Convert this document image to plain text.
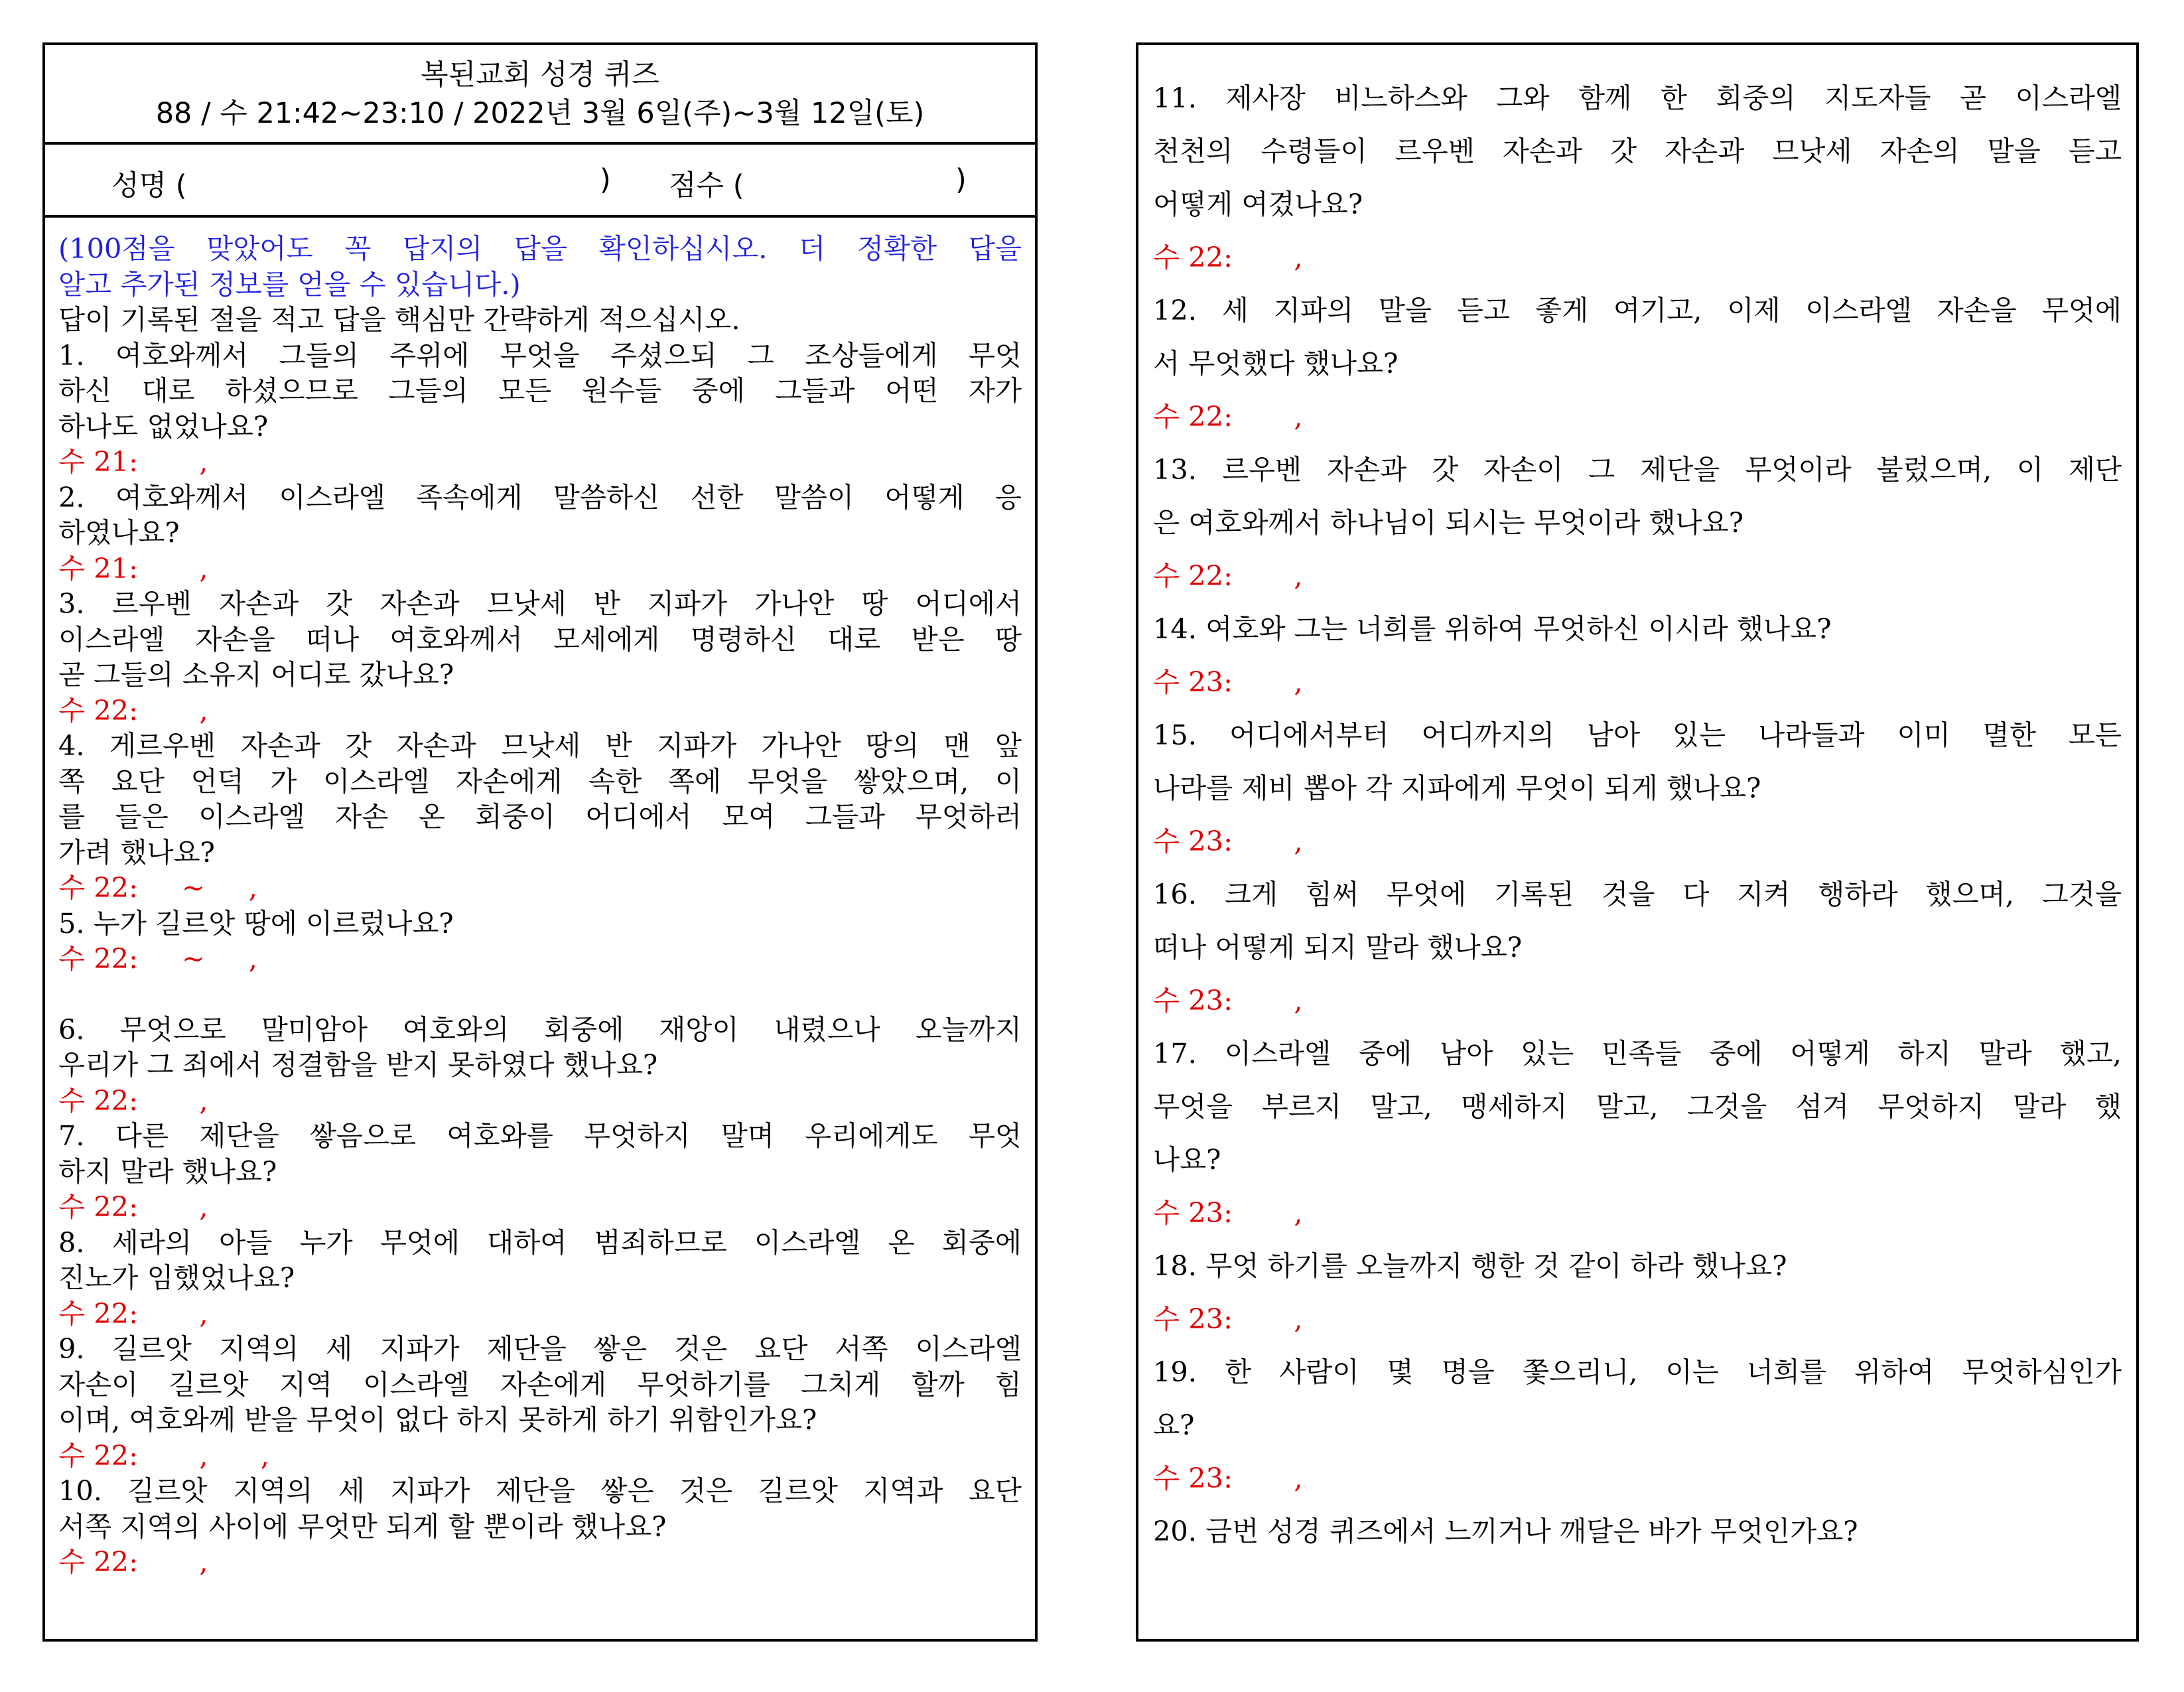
복된교회 성경 퀴즈
88 / 수 21:42~23:10 / 2022년 3월 6일(주)~3월 12일(토)
성명 (	) 점수 (	)
(100점을 맞았어도 꼭 답지의 답을 확인하십시오. 더 정확한 답을
알고 추가된 정보를 얻을 수 있습니다.)
답이 기록된 절을 적고 답을 핵심만 간략하게 적으십시오.
1. 여호와께서 그들의 주위에 무엇을 주셨으되 그 조상들에게 무엇
하신 대로 하셨으므로 그들의 모든 원수들 중에 그들과 어떤 자가
하나도 없었나요?
수 21:       ,
2. 여호와께서 이스라엘 족속에게 말씀하신 선한 말씀이 어떻게 응
하였나요?
수 21:       ,
3. 르우벤 자손과 갓 자손과 므낫세 반 지파가 가나안 땅 어디에서
이스라엘 자손을 떠나 여호와께서 모세에게 명령하신 대로 받은 땅
곧 그들의 소유지 어디로 갔나요?
수 22:       ,
4. 게르우벤 자손과 갓 자손과 므낫세 반 지파가 가나안 땅의 맨 앞
쪽 요단 언덕 가 이스라엘 자손에게 속한 쪽에 무엇을 쌓았으며, 이
를 들은 이스라엘 자손 온 회중이 어디에서 모여 그들과 무엇하러
가려 했나요?
수 22:     ~     ,
5. 누가 길르앗 땅에 이르렀나요?
수 22:     ~     ,
6. 무엇으로 말미암아 여호와의 회중에 재앙이 내렸으나 오늘까지
우리가 그 죄에서 정결함을 받지 못하였다 했나요?
수 22:       ,
7. 다른 제단을 쌓음으로 여호와를 무엇하지 말며 우리에게도 무엇
하지 말라 했나요?
수 22:       ,
8. 세라의 아들 누가 무엇에 대하여 범죄하므로 이스라엘 온 회중에
진노가 임했었나요?
수 22:       ,
9. 길르앗 지역의 세 지파가 제단을 쌓은 것은 요단 서쪽 이스라엘
자손이 길르앗 지역 이스라엘 자손에게 무엇하기를 그치게 할까 힘
이며, 여호와께 받을 무엇이 없다 하지 못하게 하기 위함인가요?
수 22:       ,      ,
10. 길르앗 지역의 세 지파가 제단을 쌓은 것은 길르앗 지역과 요단
서쪽 지역의 사이에 무엇만 되게 할 뿐이라 했나요?
수 22:       ,
11. 제사장 비느하스와 그와 함께 한 회중의 지도자들 곧 이스라엘
천천의 수령들이 르우벤 자손과 갓 자손과 므낫세 자손의 말을 듣고
어떻게 여겼나요?
수 22:       ,
12. 세 지파의 말을 듣고 좋게 여기고, 이제 이스라엘 자손을 무엇에
서 무엇했다 했나요?
수 22:       ,
13. 르우벤 자손과 갓 자손이 그 제단을 무엇이라 불렀으며, 이 제단
은 여호와께서 하나님이 되시는 무엇이라 했나요?
수 22:       ,
14. 여호와 그는 너희를 위하여 무엇하신 이시라 했나요?
수 23:       ,
15. 어디에서부터 어디까지의 남아 있는 나라들과 이미 멸한 모든
나라를 제비 뽑아 각 지파에게 무엇이 되게 했나요?
수 23:       ,
16. 크게 힘써 무엇에 기록된 것을 다 지켜 행하라 했으며, 그것을
떠나 어떻게 되지 말라 했나요?
수 23:       ,
17. 이스라엘 중에 남아 있는 민족들 중에 어떻게 하지 말라 했고,
무엇을 부르지 말고, 맹세하지 말고, 그것을 섬겨 무엇하지 말라 했
나요?
수 23:       ,
18. 무엇 하기를 오늘까지 행한 것 같이 하라 했나요?
수 23:       ,
19. 한 사람이 몇 명을 쫓으리니, 이는 너희를 위하여 무엇하심인가
요?
수 23:       ,
20. 금번 성경 퀴즈에서 느끼거나 깨달은 바가 무엇인가요?
